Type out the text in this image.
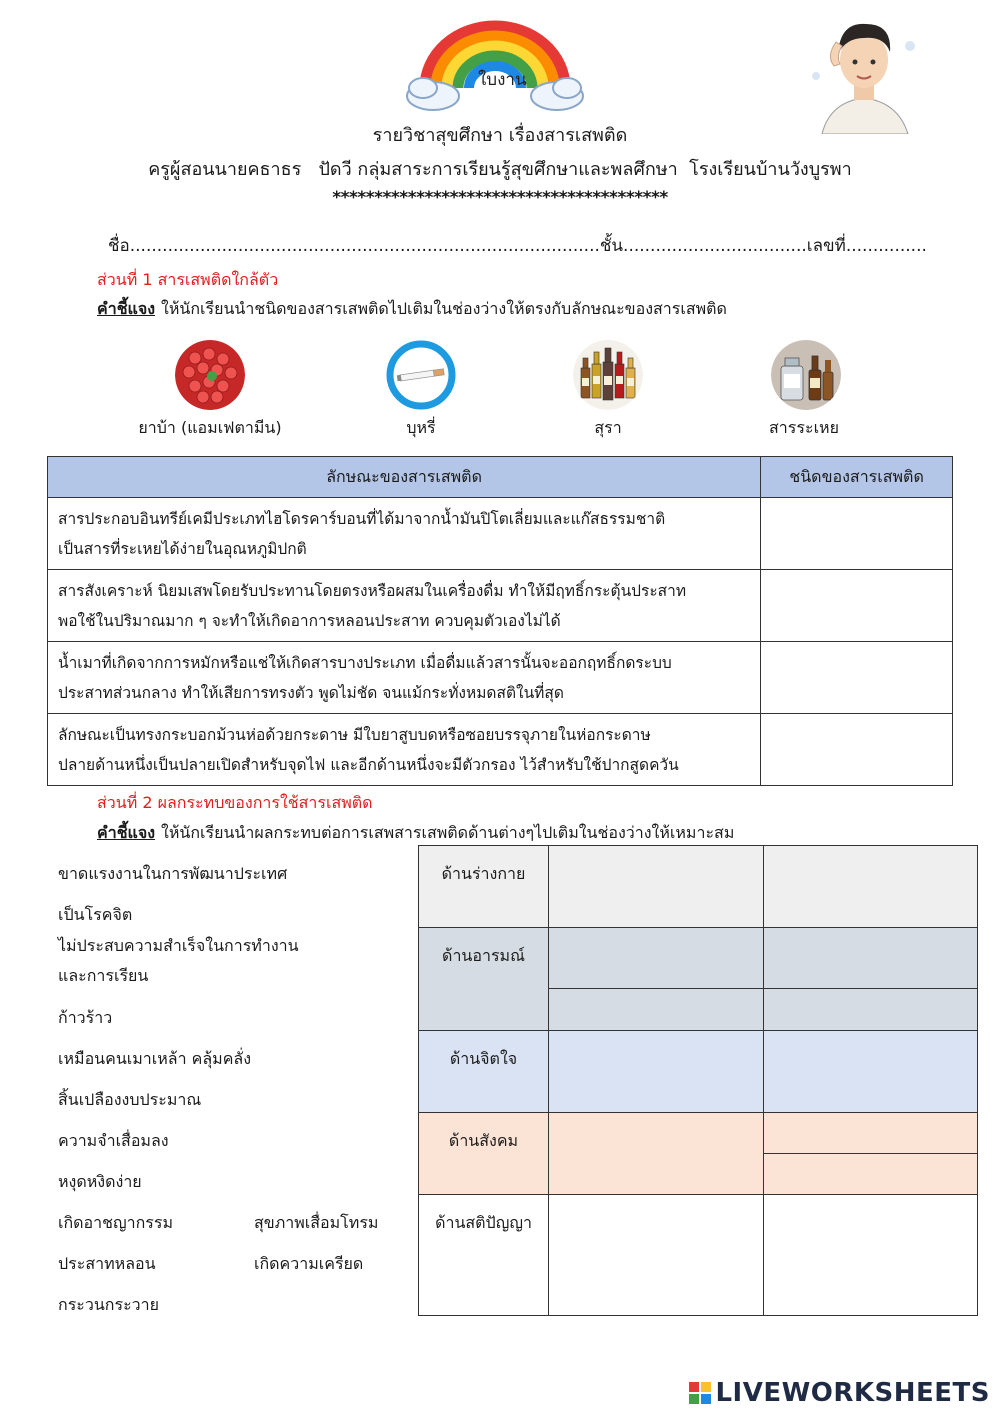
ใบงาน
รายวิชาสุขศึกษา เรื่องสารเสพติด
ครูผู้สอนนายคธาธร   ปัดวี กลุ่มสาระการเรียนรู้สุขศึกษาและพลศึกษา  โรงเรียนบ้านวังบูรพา
****************************************
ชื่อ.......................................................................................ชั้น..................................เลขที่...............
ส่วนที่ 1 สารเสพติดใกล้ตัว
คำชี้แจง ให้นักเรียนนำชนิดของสารเสพติดไปเติมในช่องว่างให้ตรงกับลักษณะของสารเสพติด
ยาบ้า (แอมเฟตามีน)	บุหรี่	สุรา	สารระเหย
ลักษณะของสารเสพติด	ชนิดของสารเสพติด

สารประกอบอินทรีย์เคมีประเภทไฮโดรคาร์บอนที่ได้มาจากน้ำมันปิโตเลี่ยมและแก๊สธรรมชาติ
เป็นสารที่ระเหยได้ง่ายในอุณหภูมิปกติ	

สารสังเคราะห์ นิยมเสพโดยรับประทานโดยตรงหรือผสมในเครื่องดื่ม ทำให้มีฤทธิ์กระตุ้นประสาท
พอใช้ในปริมาณมาก ๆ จะทำให้เกิดอาการหลอนประสาท ควบคุมตัวเองไม่ได้	

น้ำเมาที่เกิดจากการหมักหรือแช่ให้เกิดสารบางประเภท เมื่อดื่มแล้วสารนั้นจะออกฤทธิ์กดระบบ
ประสาทส่วนกลาง ทำให้เสียการทรงตัว พูดไม่ชัด จนแม้กระทั่งหมดสติในที่สุด	

ลักษณะเป็นทรงกระบอกม้วนห่อด้วยกระดาษ มีใบยาสูบบดหรือซอยบรรจุภายในห่อกระดาษ
ปลายด้านหนึ่งเป็นปลายเปิดสำหรับจุดไฟ และอีกด้านหนึ่งจะมีตัวกรอง ไว้สำหรับใช้ปากสูดควัน	

ส่วนที่ 2 ผลกระทบของการใช้สารเสพติด
คำชี้แจง ให้นักเรียนนำผลกระทบต่อการเสพสารเสพติดด้านต่างๆไปเติมในช่องว่างให้เหมาะสม
ขาดแรงงานในการพัฒนาประเทศ
เป็นโรคจิต
ไม่ประสบความสำเร็จในการทำงาน
และการเรียน
ก้าวร้าว
เหมือนคนเมาเหล้า คลุ้มคลั่ง
สิ้นเปลืองงบประมาณ
ความจำเสื่อมลง
หงุดหงิดง่าย
เกิดอาชญากรรม	สุขภาพเสื่อมโทรม
ประสาทหลอน	เกิดความเครียด
กระวนกระวาย
ด้านร่างกาย
ด้านอารมณ์
ด้านจิตใจ
ด้านสังคม
ด้านสติปัญญา
LIVEWORKSHEETS
